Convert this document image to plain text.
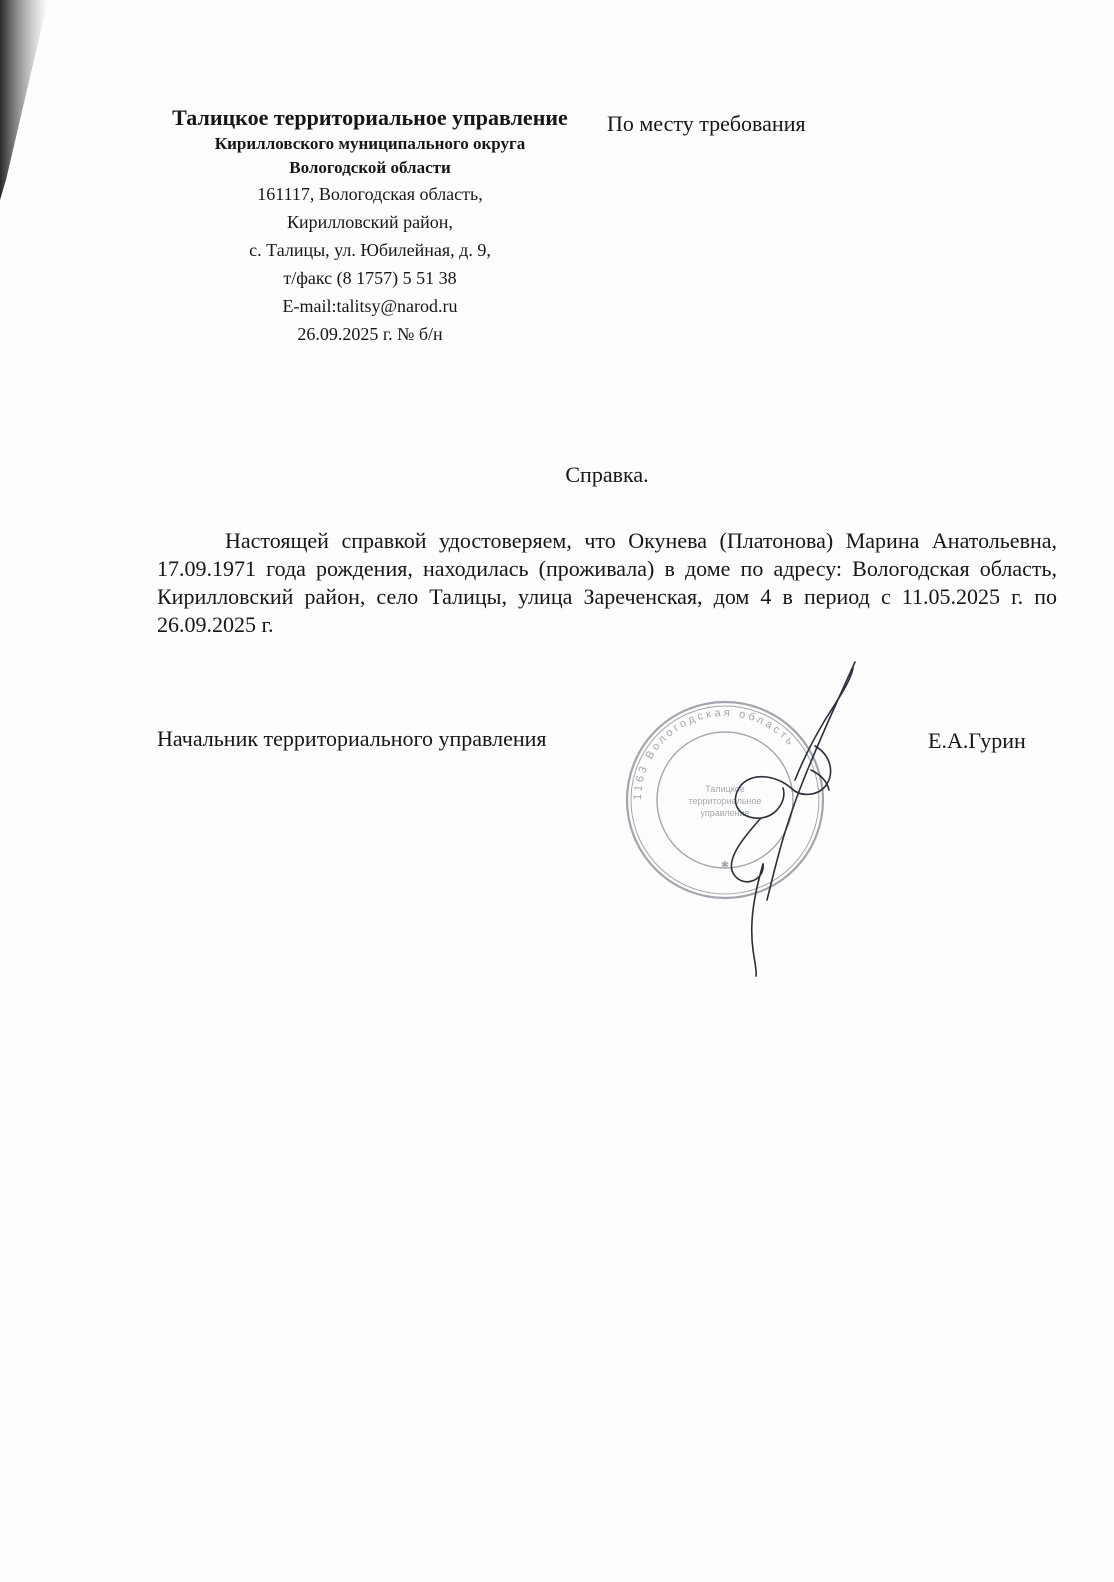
Талицкое территориальное управление

Кирилловского муниципального округа

Вологодской области

161117, Вологодская область,

Кирилловский район,

с. Талицы, ул. Юбилейная, д. 9,

т/факс (8 1757) 5 51 38

E-mail:talitsy@narod.ru

26.09.2025 г. № б/н

По месту требования
Справка.

Настоящей справкой удостоверяем, что Окунева (Платонова) Марина Анатольевна, 17.09.1971 года рождения, находилась (проживала) в доме по адресу: Вологодская область, Кирилловский район, село Талицы, улица Зареченская, дом 4 в период с 11.05.2025 г. по 26.09.2025 г.

Начальник территориального управления	Е.А.Гурин
1163 Вологодская область
Талицкое
территориальное
управление
✱
